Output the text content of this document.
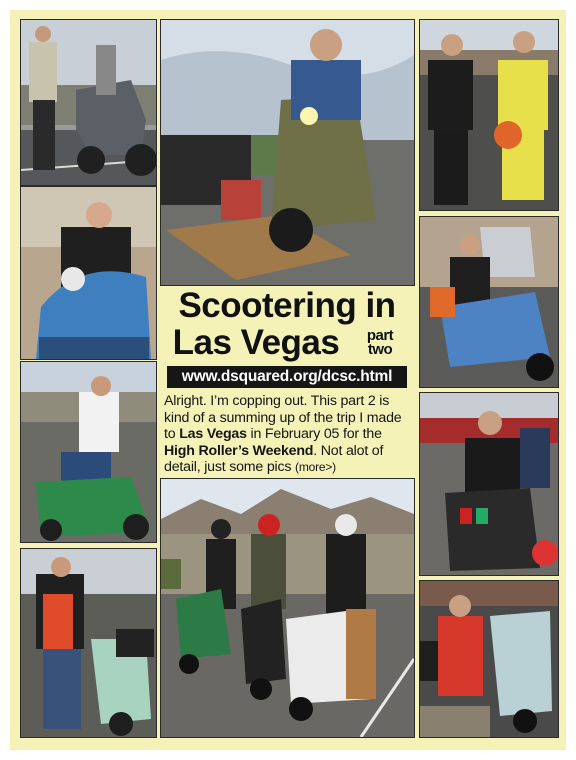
Scootering in
Las Vegas	part
two
www.dsquared.org/dcsc.html
Alright. I’m copping out. This part 2 is kind of a summing up of the trip I made to Las Vegas in February 05 for the High Roller’s Weekend. Not alot of detail, just some pics (more>)
